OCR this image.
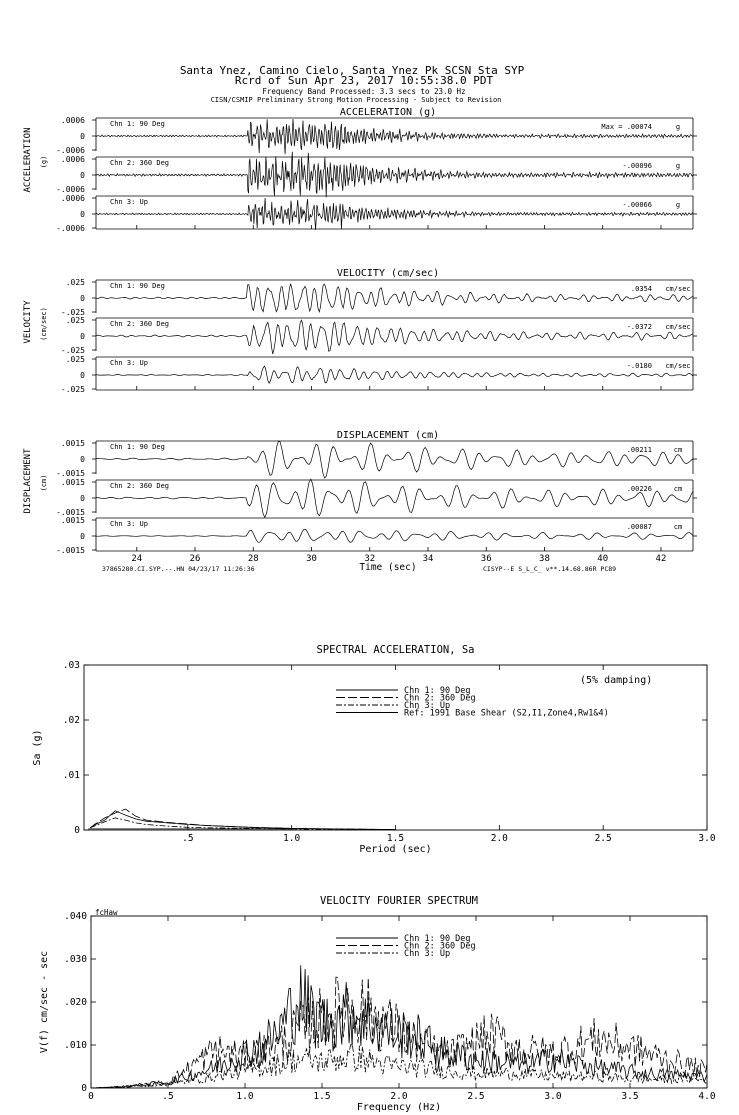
Santa Ynez, Camino Cielo, Santa Ynez Pk SCSN Sta SYP
Rcrd of Sun Apr 23, 2017 10:55:38.0 PDT
Frequency Band Processed: 3.3 secs to 23.0 Hz
CISN/CSMIP Preliminary Strong Motion Processing - Subject to Revision
ACCELERATION (g)
ACCELERATION (g)
.0006
0
-.0006
Chn 1: 90 Deg	Max = .00074	g
.0006
0
-.0006
Chn 2: 360 Deg	-.00096	g
.0006
0
-.0006
Chn 3: Up	-.00066	g
VELOCITY (cm/sec)
VELOCITY (cm/sec)
.025
0
-.025
Chn 1: 90 Deg	.0354 cm/sec
.025
0
-.025
Chn 2: 360 Deg	-.0372 cm/sec
.025
0
-.025
Chn 3: Up	-.0180 cm/sec
DISPLACEMENT (cm)
DISPLACEMENT (cm)
.0015
0
-.0015
Chn 1: 90 Deg	.00211	cm
.0015
0
-.0015
Chn 2: 360 Deg	.00226	cm
.0015
0
-.0015
Chn 3: Up	.00087	cm
24	26	28	30	32	34	36	38	40	42
37865280.CI.SYP.--.HN 04/23/17 11:26:36	Time (sec)	CISYP--E S_L_C_ v**.14.68.86R PC89
SPECTRAL ACCELERATION, Sa
Period (sec)
Sa (g)
.5	1.0	1.5	2.0	2.5	3.0
.03
.02
.01
0
Chn 1: 90 Deg
Chn 2: 360 Deg
Chn 3: Up
Ref: 1991 Base Shear (S2,I1,Zone4,Rw1&4)
(5% damping)
VELOCITY FOURIER SPECTRUM
Frequency (Hz)
V(f) cm/sec - sec
0	.5	1.0	1.5	2.0	2.5	3.0	3.5	4.0
.040
.030
.020
.010
0
Chn 1: 90 Deg
Chn 2: 360 Deg
Chn 3: Up
fcHaw
